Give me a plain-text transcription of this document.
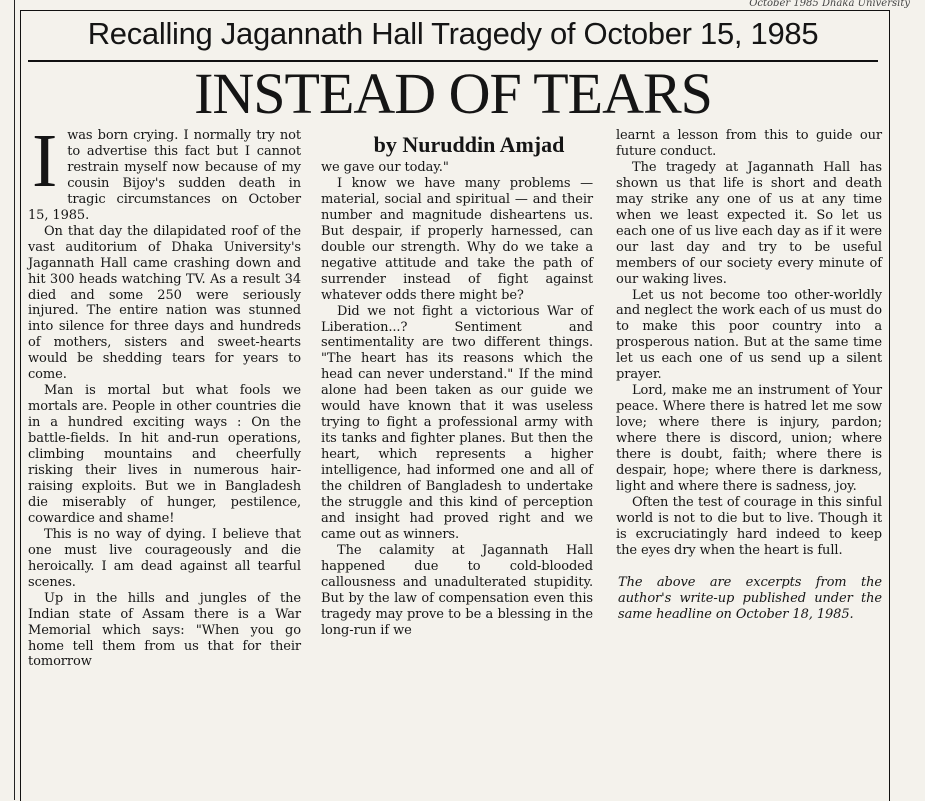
October 1985 Dhaka University
Recalling Jagannath Hall Tragedy of October 15, 1985
INSTEAD OF TEARS
by Nuruddin Amjad
I was born crying. I normally try not to advertise this fact but I cannot restrain myself now because of my cousin Bijoy's sudden death in tragic circumstances on October 15, 1985.

On that day the dilapidated roof of the vast auditorium of Dhaka University's Jagannath Hall came crashing down and hit 300 heads watching TV. As a result 34 died and some 250 were seriously injured. The entire nation was stunned into silence for three days and hundreds of mothers, sisters and sweet-hearts would be shedding tears for years to come.

Man is mortal but what fools we mortals are. People in other countries die in a hundred exciting ways : On the battle-fields. In hit and-run operations, climbing mountains and cheerfully risking their lives in numerous hair-raising exploits. But we in Bangladesh die miserably of hunger, pestilence, cowardice and shame!

This is no way of dying. I believe that one must live courageously and die heroically. I am dead against all tearful scenes.

Up in the hills and jungles of the Indian state of Assam there is a War Memorial which says: "When you go home tell them from us that for their tomorrow

we gave our today."

I know we have many problems — material, social and spiritual — and their number and magnitude disheartens us. But despair, if properly harnessed, can double our strength. Why do we take a negative attitude and take the path of surrender instead of fight against whatever odds there might be?

Did we not fight a victorious War of Liberation...? Sentiment and sentimentality are two different things. "The heart has its reasons which the head can never understand." If the mind alone had been taken as our guide we would have known that it was useless trying to fight a professional army with its tanks and fighter planes. But then the heart, which represents a higher intelligence, had informed one and all of the children of Bangladesh to undertake the struggle and this kind of perception and insight had proved right and we came out as winners.

The calamity at Jagannath Hall happened due to cold-blooded callousness and unadulterated stupidity. But by the law of compensation even this tragedy may prove to be a blessing in the long-run if we

learnt a lesson from this to guide our future conduct.

The tragedy at Jagannath Hall has shown us that life is short and death may strike any one of us at any time when we least expected it. So let us each one of us live each day as if it were our last day and try to be useful members of our society every minute of our waking lives.

Let us not become too other-worldly and neglect the work each of us must do to make this poor country into a prosperous nation. But at the same time let us each one of us send up a silent prayer.

Lord, make me an instrument of Your peace. Where there is hatred let me sow love; where there is injury, pardon; where there is discord, union; where there is doubt, faith; where there is despair, hope; where there is darkness, light and where there is sadness, joy.

Often the test of courage in this sinful world is not to die but to live. Though it is excruciatingly hard indeed to keep the eyes dry when the heart is full.

The above are excerpts from the author's write-up published under the same headline on October 18, 1985.
